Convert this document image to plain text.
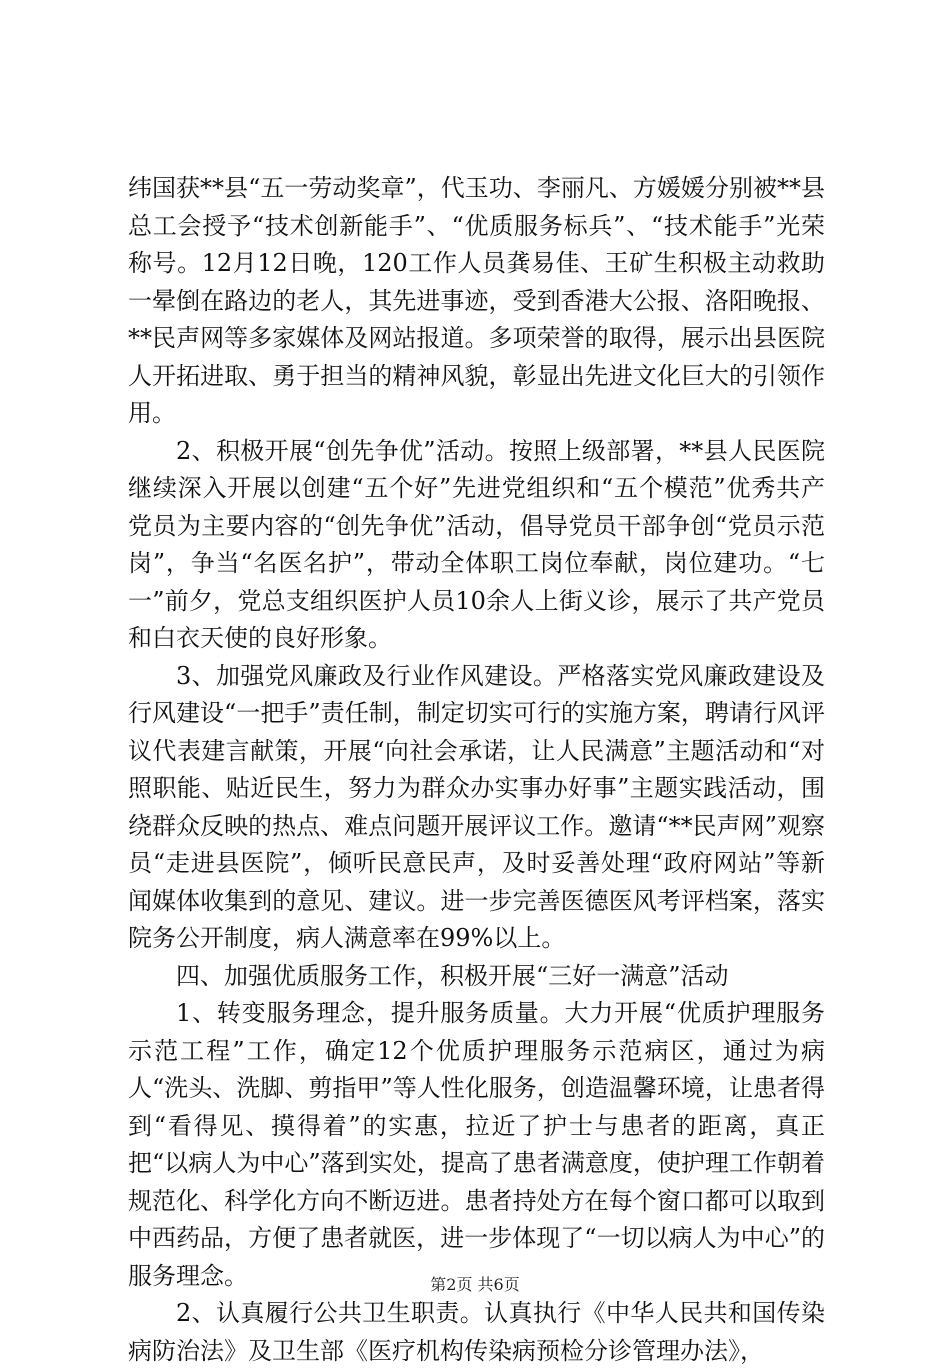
纬国获**县“五一劳动奖章”，代玉功、李丽凡、方媛媛分别被**县总工会授予“技术创新能手”、“优质服务标兵”、“技术能手”光荣称号。12月12日晚，120工作人员龚易佳、王矿生积极主动救助一晕倒在路边的老人，其先进事迹，受到香港大公报、洛阳晚报、**民声网等多家媒体及网站报道。多项荣誉的取得，展示出县医院人开拓进取、勇于担当的精神风貌，彰显出先进文化巨大的引领作用。

2、积极开展“创先争优”活动。按照上级部署，**县人民医院继续深入开展以创建“五个好”先进党组织和“五个模范”优秀共产党员为主要内容的“创先争优”活动，倡导党员干部争创“党员示范岗”，争当“名医名护”，带动全体职工岗位奉献，岗位建功。“七一”前夕，党总支组织医护人员10余人上街义诊，展示了共产党员和白衣天使的良好形象。

3、加强党风廉政及行业作风建设。严格落实党风廉政建设及行风建设“一把手”责任制，制定切实可行的实施方案，聘请行风评议代表建言献策，开展“向社会承诺，让人民满意”主题活动和“对照职能、贴近民生，努力为群众办实事办好事”主题实践活动，围绕群众反映的热点、难点问题开展评议工作。邀请“**民声网”观察员“走进县医院”，倾听民意民声，及时妥善处理“政府网站”等新闻媒体收集到的意见、建议。进一步完善医德医风考评档案，落实院务公开制度，病人满意率在99%以上。

四、加强优质服务工作，积极开展“三好一满意”活动

1、转变服务理念，提升服务质量。大力开展“优质护理服务示范工程”工作，确定12个优质护理服务示范病区，通过为病人“洗头、洗脚、剪指甲”等人性化服务，创造温馨环境，让患者得到“看得见、摸得着”的实惠，拉近了护士与患者的距离，真正把“以病人为中心”落到实处，提高了患者满意度，使护理工作朝着规范化、科学化方向不断迈进。患者持处方在每个窗口都可以取到中西药品，方便了患者就医，进一步体现了“一切以病人为中心”的服务理念。

2、认真履行公共卫生职责。认真执行《中华人民共和国传染病防治法》及卫生部《医疗机构传染病预检分诊管理办法》，

第2页 共6页
